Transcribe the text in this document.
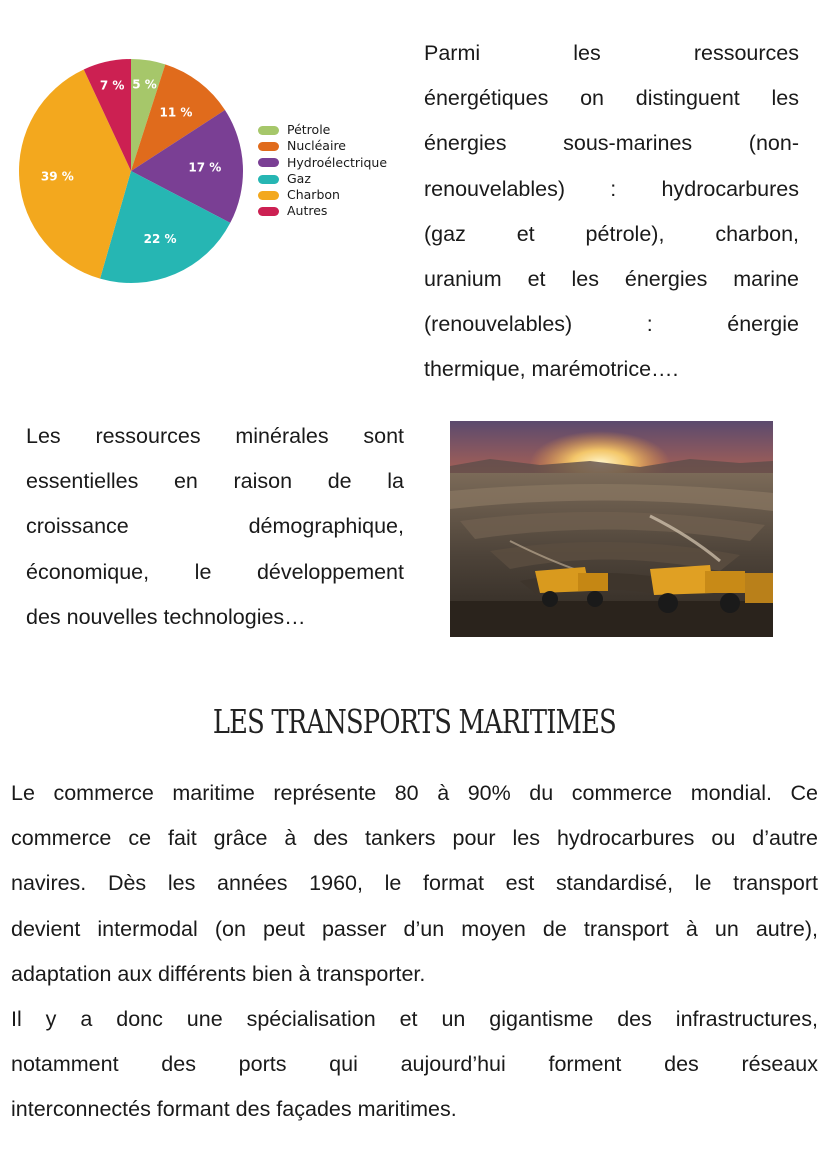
5 %
11 %
17 %
22 %
39 %
7 %
Pétrole
Nucléaire
Hydroélectrique
Gaz
Charbon
Autres
Parmi les ressources
énergétiques on distinguent les
énergies sous-marines (non-
renouvelables) : hydrocarbures
(gaz et pétrole), charbon,
uranium et les énergies marine
(renouvelables) : énergie
thermique, marémotrice….
Les ressources minérales sont
essentielles en raison de la
croissance démographique,
économique, le développement
des nouvelles technologies…
LES TRANSPORTS MARITIMES
Le commerce maritime représente 80 à 90% du commerce mondial. Ce
commerce ce fait grâce à des tankers pour les hydrocarbures ou d’autre
navires. Dès les années 1960, le format est standardisé, le transport
devient intermodal (on peut passer d’un moyen de transport à un autre),
adaptation aux différents bien à transporter.
Il y a donc une spécialisation et un gigantisme des infrastructures,
notamment des ports qui aujourd’hui forment des réseaux
interconnectés formant des façades maritimes.
